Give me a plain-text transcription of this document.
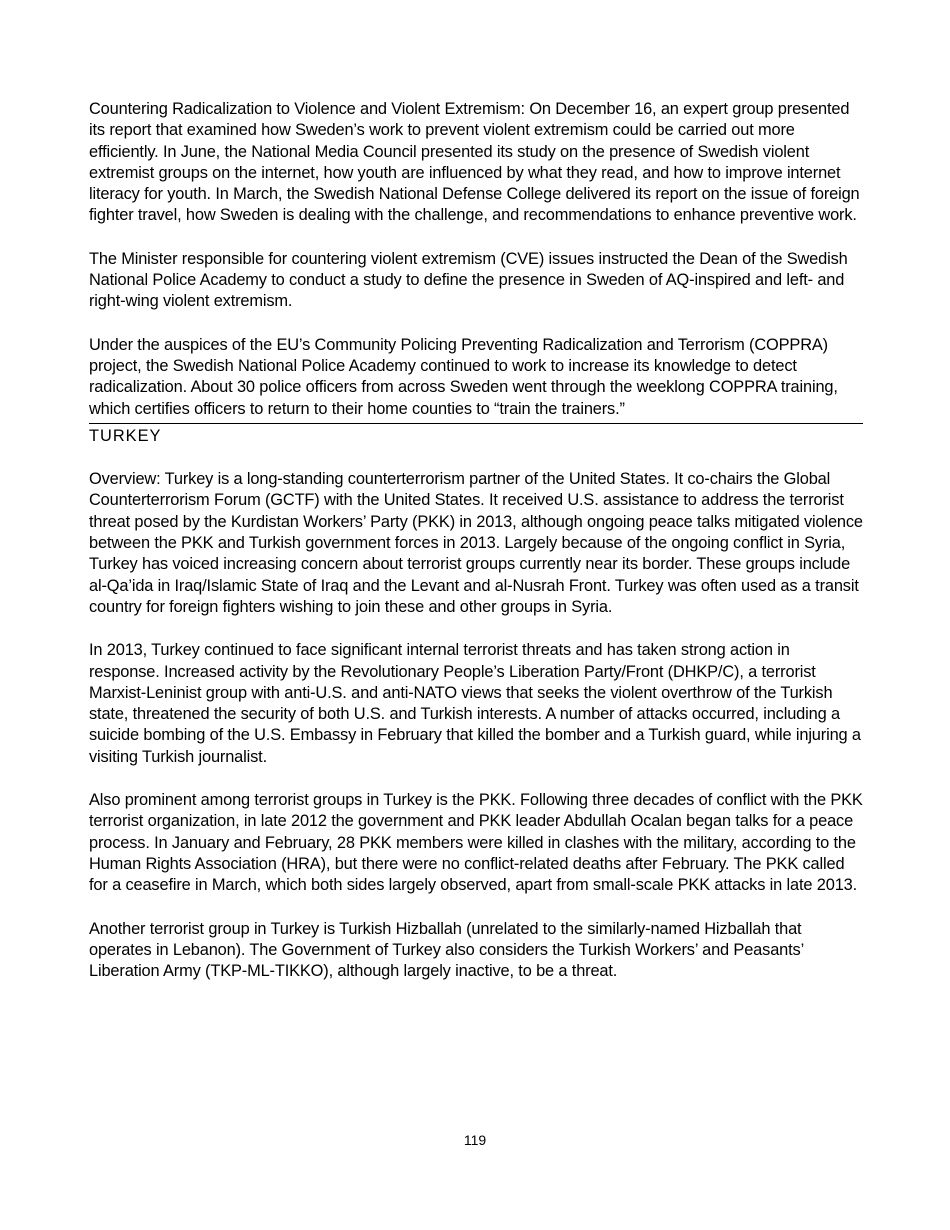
Countering Radicalization to Violence and Violent Extremism: On December 16, an expert group presented its report that examined how Sweden’s work to prevent violent extremism could be carried out more efficiently. In June, the National Media Council presented its study on the presence of Swedish violent extremist groups on the internet, how youth are influenced by what they read, and how to improve internet literacy for youth. In March, the Swedish National Defense College delivered its report on the issue of foreign fighter travel, how Sweden is dealing with the challenge, and recommendations to enhance preventive work.

The Minister responsible for countering violent extremism (CVE) issues instructed the Dean of the Swedish National Police Academy to conduct a study to define the presence in Sweden of AQ-inspired and left- and right-wing violent extremism.

Under the auspices of the EU’s Community Policing Preventing Radicalization and Terrorism (COPPRA) project, the Swedish National Police Academy continued to work to increase its knowledge to detect radicalization. About 30 police officers from across Sweden went through the weeklong COPPRA training, which certifies officers to return to their home counties to “train the trainers.”

TURKEY

Overview: Turkey is a long-standing counterterrorism partner of the United States. It co-chairs the Global Counterterrorism Forum (GCTF) with the United States. It received U.S. assistance to address the terrorist threat posed by the Kurdistan Workers’ Party (PKK) in 2013, although ongoing peace talks mitigated violence between the PKK and Turkish government forces in 2013. Largely because of the ongoing conflict in Syria, Turkey has voiced increasing concern about terrorist groups currently near its border. These groups include al-Qa’ida in Iraq/Islamic State of Iraq and the Levant and al-Nusrah Front. Turkey was often used as a transit country for foreign fighters wishing to join these and other groups in Syria.

In 2013, Turkey continued to face significant internal terrorist threats and has taken strong action in response. Increased activity by the Revolutionary People’s Liberation Party/Front (DHKP/C), a terrorist Marxist-Leninist group with anti-U.S. and anti-NATO views that seeks the violent overthrow of the Turkish state, threatened the security of both U.S. and Turkish interests. A number of attacks occurred, including a suicide bombing of the U.S. Embassy in February that killed the bomber and a Turkish guard, while injuring a visiting Turkish journalist.

Also prominent among terrorist groups in Turkey is the PKK. Following three decades of conflict with the PKK terrorist organization, in late 2012 the government and PKK leader Abdullah Ocalan began talks for a peace process. In January and February, 28 PKK members were killed in clashes with the military, according to the Human Rights Association (HRA), but there were no conflict-related deaths after February. The PKK called for a ceasefire in March, which both sides largely observed, apart from small-scale PKK attacks in late 2013.

Another terrorist group in Turkey is Turkish Hizballah (unrelated to the similarly-named Hizballah that operates in Lebanon). The Government of Turkey also considers the Turkish Workers’ and Peasants’ Liberation Army (TKP-ML-TIKKO), although largely inactive, to be a threat.

119
